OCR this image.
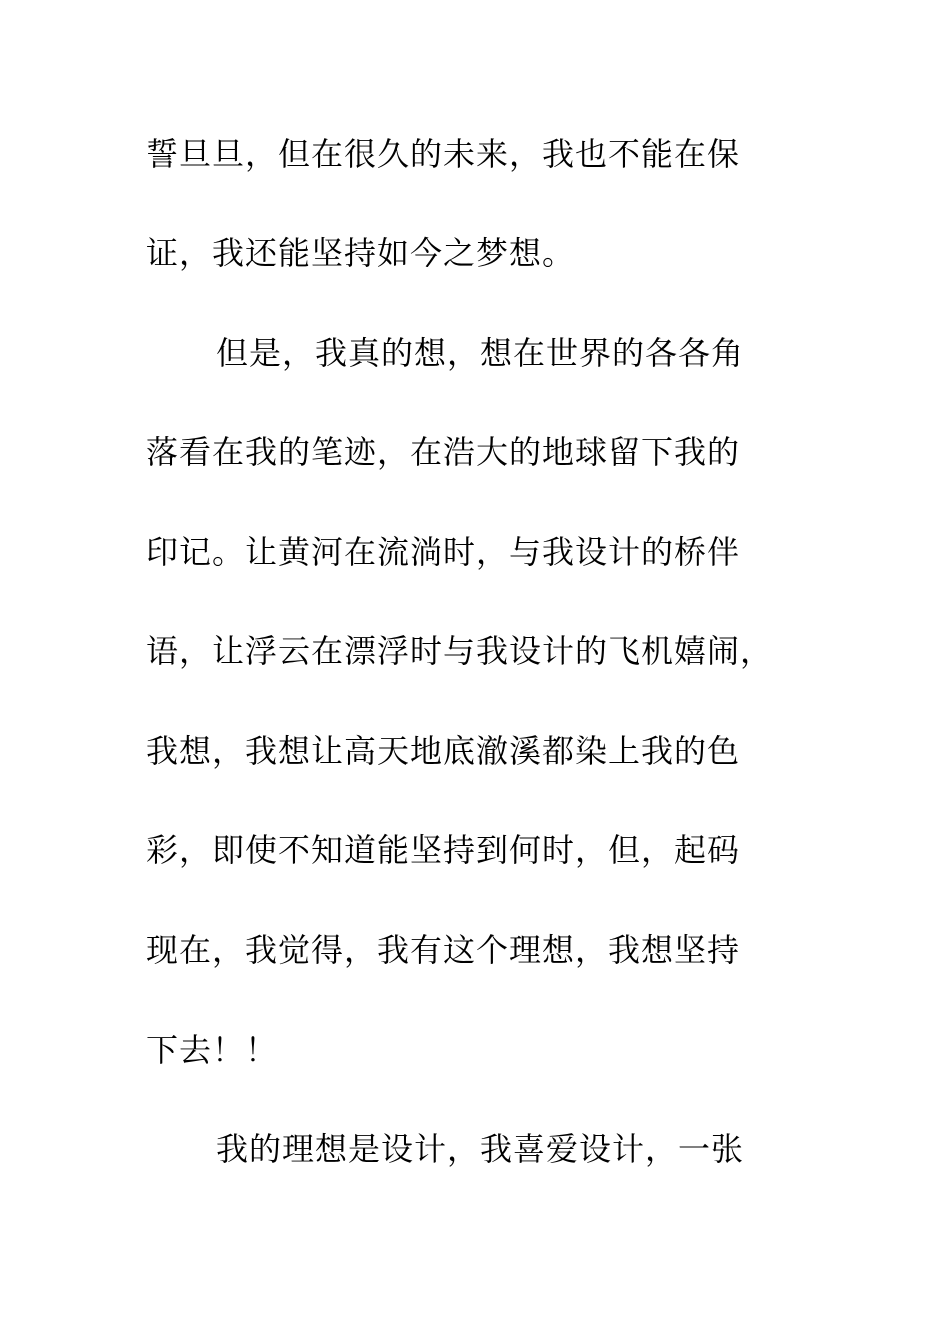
誓旦旦，但在很久的未来，我也不能在保
证，我还能坚持如今之梦想。
但是，我真的想，想在世界的各各角
落看在我的笔迹，在浩大的地球留下我的
印记。让黄河在流淌时，与我设计的桥伴
语，让浮云在漂浮时与我设计的飞机嬉闹，
我想，我想让高天地底澈溪都染上我的色
彩，即使不知道能坚持到何时，但，起码
现在，我觉得，我有这个理想，我想坚持
下去！！
我的理想是设计，我喜爱设计，一张
